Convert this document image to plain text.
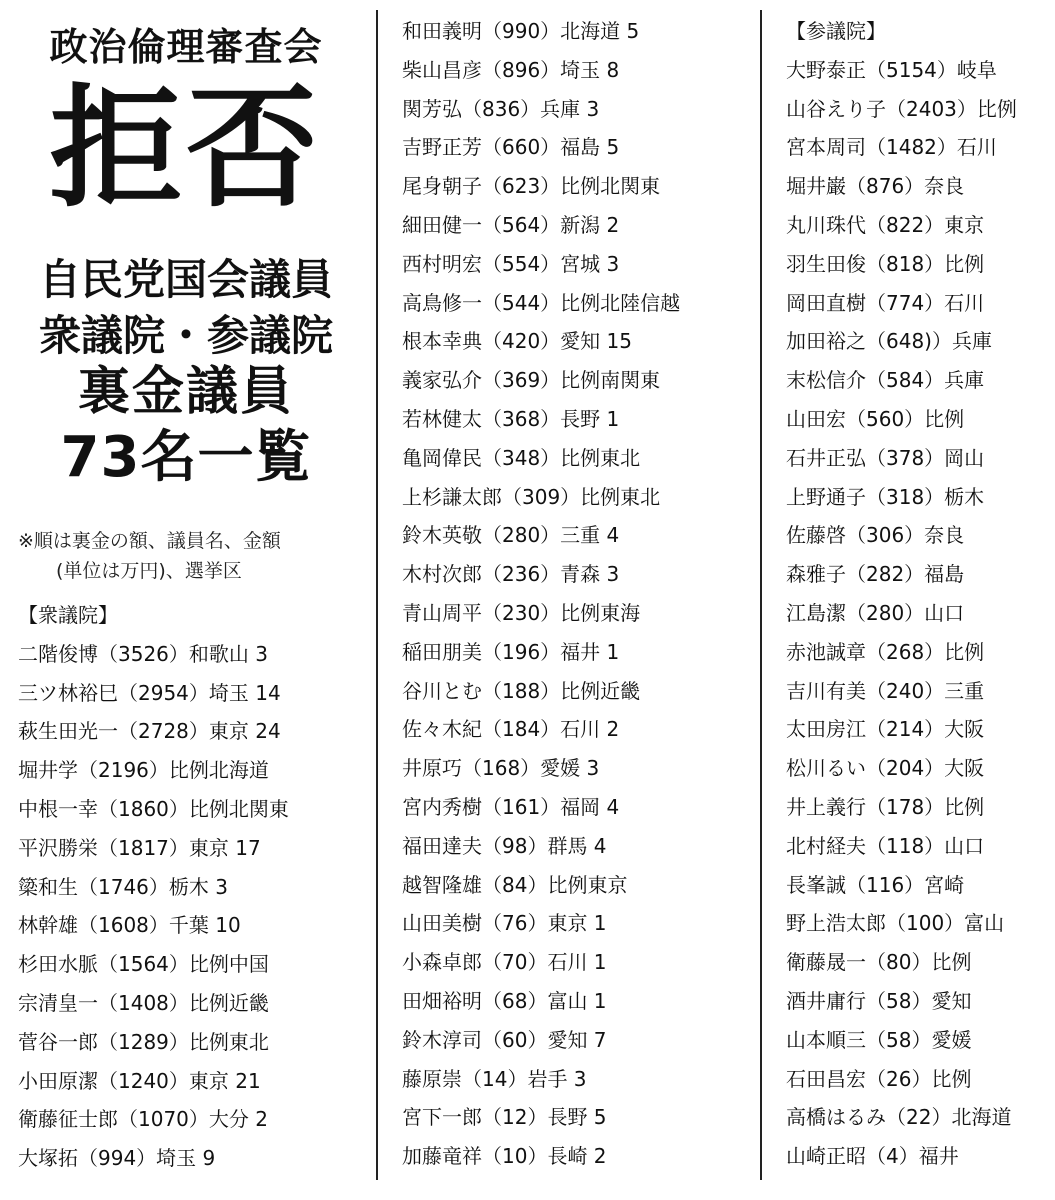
政治倫理審査会
拒否
自民党国会議員
衆議院・参議院
裏金議員
73名一覧
※順は裏金の額、議員名、金額
(単位は万円)、選挙区
【衆議院】
二階俊博（3526）和歌山 3
三ツ林裕巳（2954）埼玉 14
萩生田光一（2728）東京 24
堀井学（2196）比例北海道
中根一幸（1860）比例北関東
平沢勝栄（1817）東京 17
簗和生（1746）栃木 3
林幹雄（1608）千葉 10
杉田水脈（1564）比例中国
宗清皇一（1408）比例近畿
菅谷一郎（1289）比例東北
小田原潔（1240）東京 21
衛藤征士郎（1070）大分 2
大塚拓（994）埼玉 9
和田義明（990）北海道 5
柴山昌彦（896）埼玉 8
関芳弘（836）兵庫 3
吉野正芳（660）福島 5
尾身朝子（623）比例北関東
細田健一（564）新潟 2
西村明宏（554）宮城 3
高鳥修一（544）比例北陸信越
根本幸典（420）愛知 15
義家弘介（369）比例南関東
若林健太（368）長野 1
亀岡偉民（348）比例東北
上杉謙太郎（309）比例東北
鈴木英敬（280）三重 4
木村次郎（236）青森 3
青山周平（230）比例東海
稲田朋美（196）福井 1
谷川とむ（188）比例近畿
佐々木紀（184）石川 2
井原巧（168）愛媛 3
宮内秀樹（161）福岡 4
福田達夫（98）群馬 4
越智隆雄（84）比例東京
山田美樹（76）東京 1
小森卓郎（70）石川 1
田畑裕明（68）富山 1
鈴木淳司（60）愛知 7
藤原崇（14）岩手 3
宮下一郎（12）長野 5
加藤竜祥（10）長崎 2
【参議院】
大野泰正（5154）岐阜
山谷えり子（2403）比例
宮本周司（1482）石川
堀井巌（876）奈良
丸川珠代（822）東京
羽生田俊（818）比例
岡田直樹（774）石川
加田裕之（648)）兵庫
末松信介（584）兵庫
山田宏（560）比例
石井正弘（378）岡山
上野通子（318）栃木
佐藤啓（306）奈良
森雅子（282）福島
江島潔（280）山口
赤池誠章（268）比例
吉川有美（240）三重
太田房江（214）大阪
松川るい（204）大阪
井上義行（178）比例
北村経夫（118）山口
長峯誠（116）宮崎
野上浩太郎（100）富山
衛藤晟一（80）比例
酒井庸行（58）愛知
山本順三（58）愛媛
石田昌宏（26）比例
高橋はるみ（22）北海道
山崎正昭（4）福井
